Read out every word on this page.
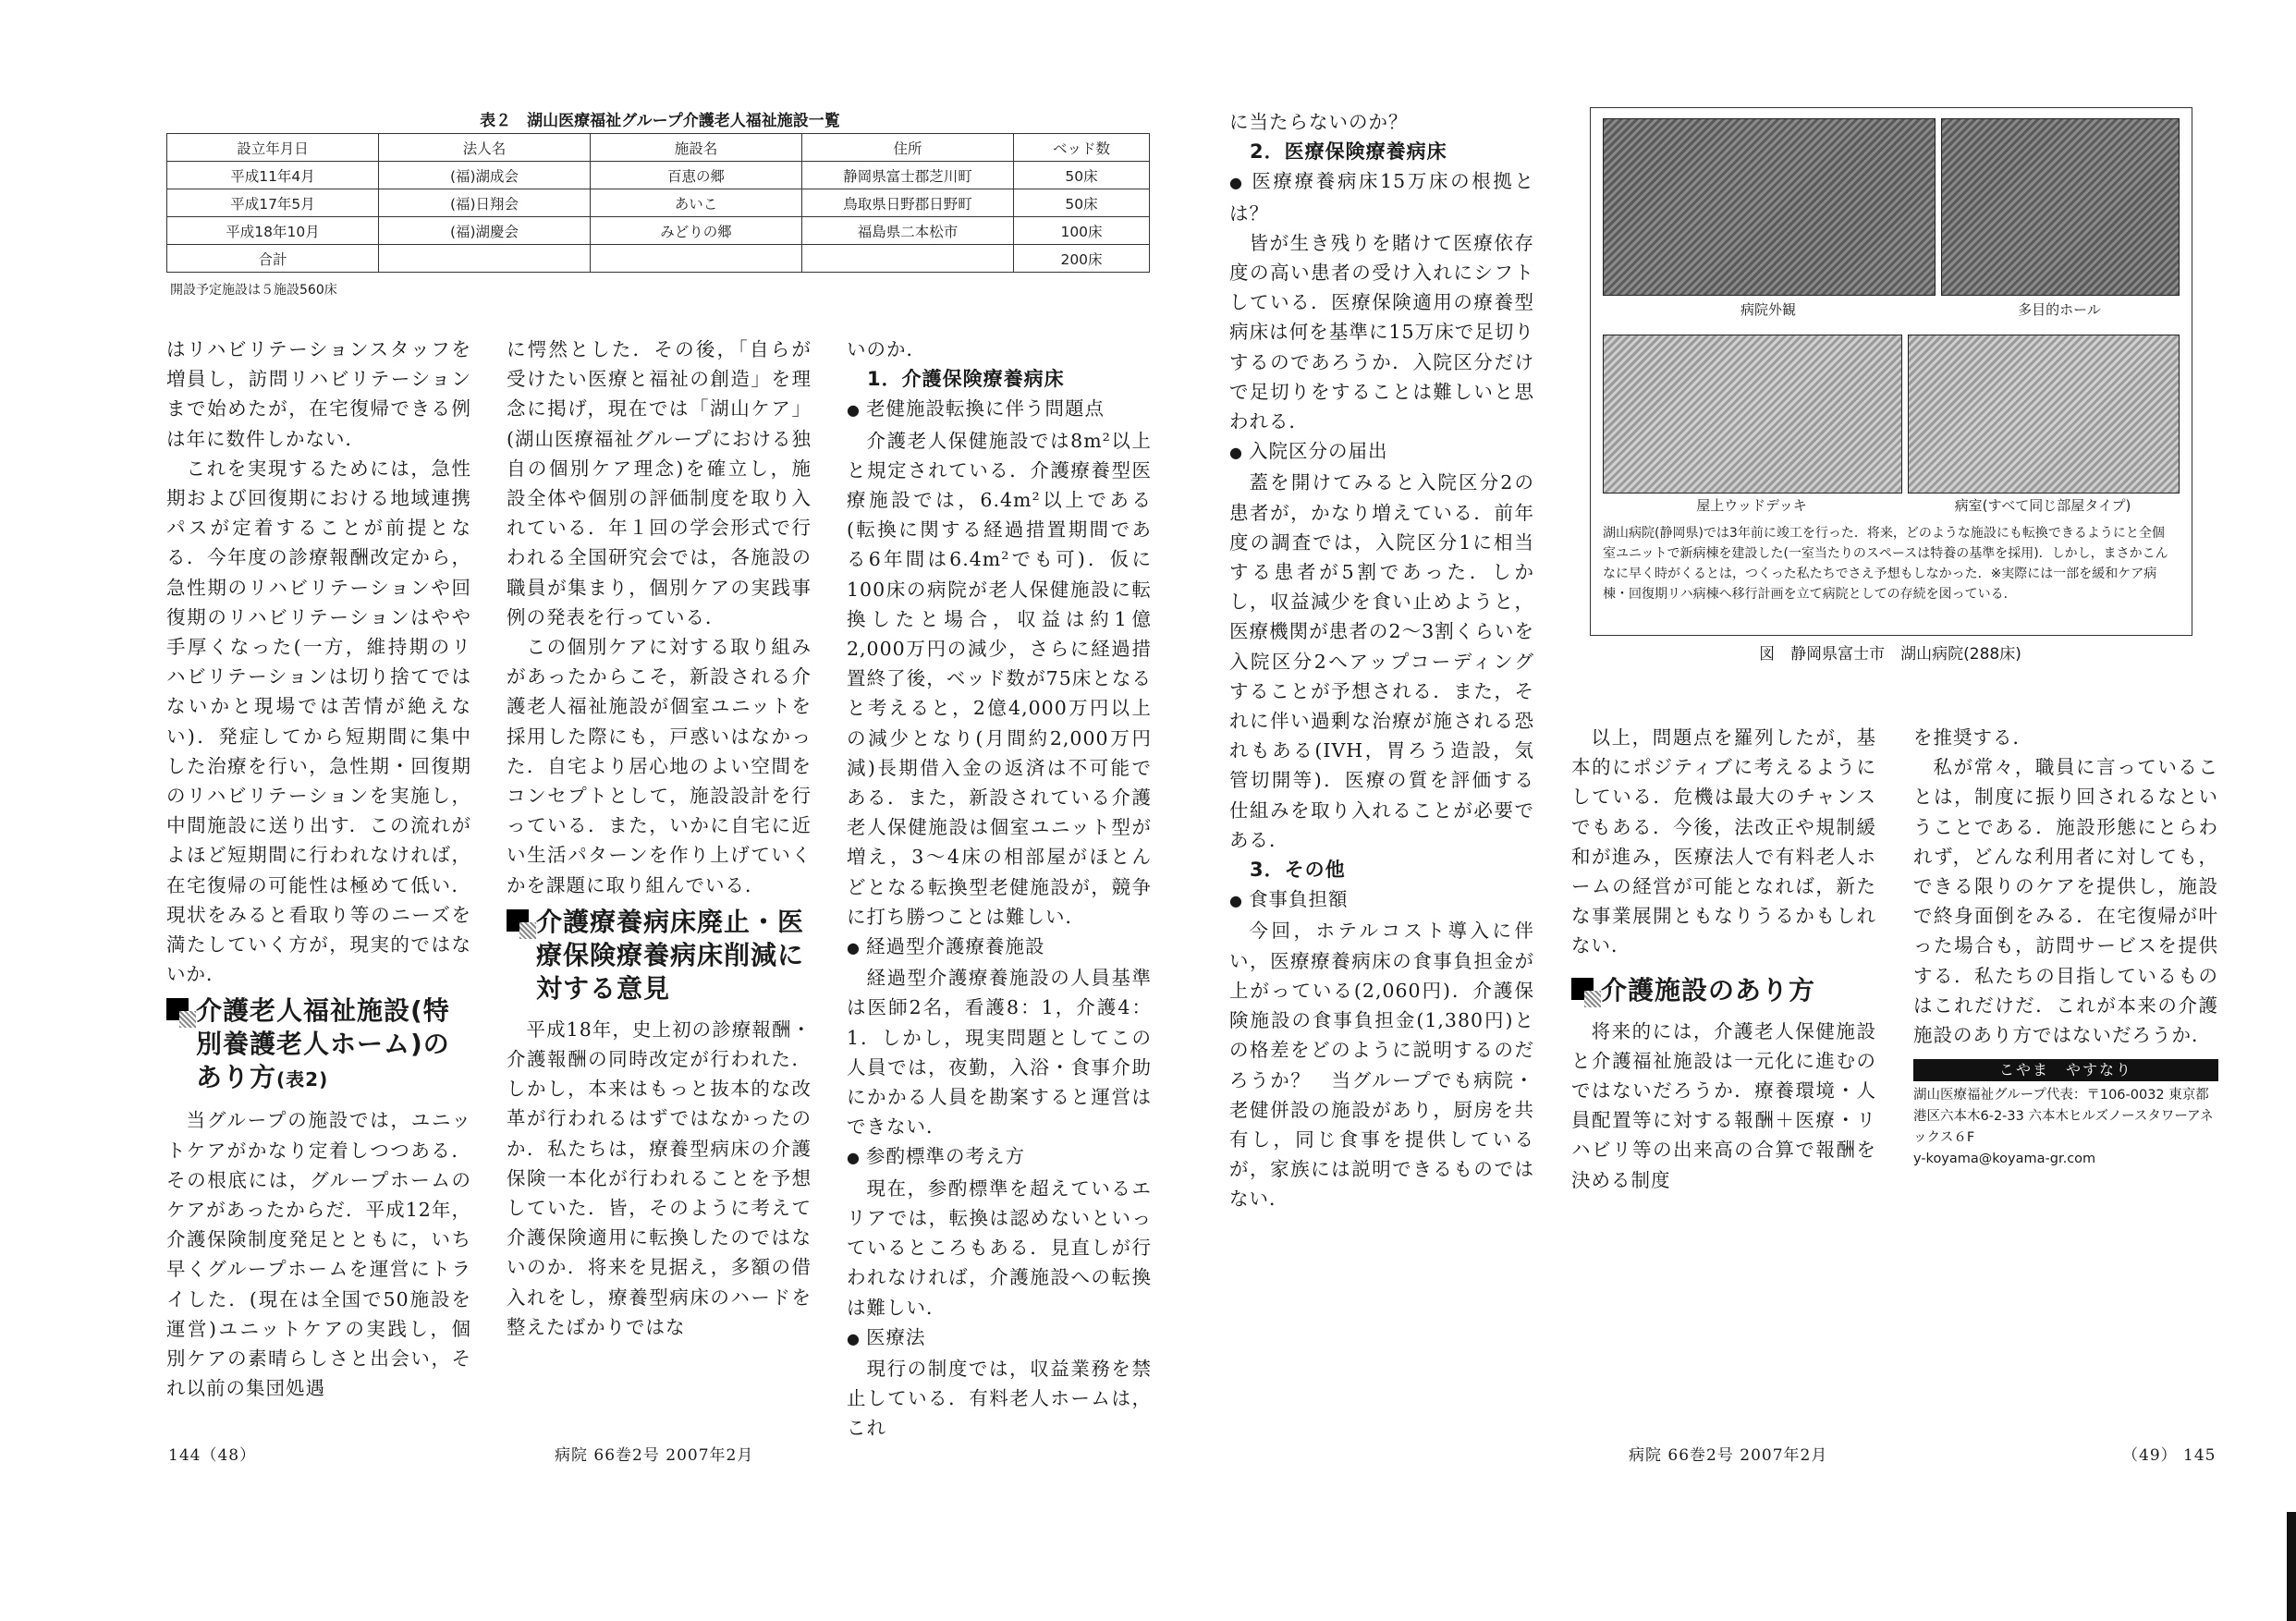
表２　湖山医療福祉グループ介護老人福祉施設一覧
設立年月日	法人名	施設名	住所	ベッド数
平成11年4月	(福)湖成会	百恵の郷	静岡県富士郡芝川町	50床
平成17年5月	(福)日翔会	あいこ	鳥取県日野郡日野町	50床
平成18年10月	(福)湖慶会	みどりの郷	福島県二本松市	100床
合計				200床
開設予定施設は５施設560床

はリハビリテーションスタッフを増員し，訪問リハビリテーションまで始めたが，在宅復帰できる例は年に数件しかない．

これを実現するためには，急性期および回復期における地域連携パスが定着することが前提となる．今年度の診療報酬改定から，急性期のリハビリテーションや回復期のリハビリテーションはやや手厚くなった(一方，維持期のリハビリテーションは切り捨てではないかと現場では苦情が絶えない)．発症してから短期間に集中した治療を行い，急性期・回復期のリハビリテーションを実施し，中間施設に送り出す．この流れがよほど短期間に行われなければ，在宅復帰の可能性は極めて低い．現状をみると看取り等のニーズを満たしていく方が，現実的ではないか．

介護老人福祉施設(特別養護老人ホーム)のあり方(表2)

当グループの施設では，ユニットケアがかなり定着しつつある．その根底には，グループホームのケアがあったからだ．平成12年，介護保険制度発足とともに，いち早くグループホームを運営にトライした．(現在は全国で50施設を運営)ユニットケアの実践し，個別ケアの素晴らしさと出会い，それ以前の集団処遇

に愕然とした．その後，「自らが受けたい医療と福祉の創造」を理念に掲げ，現在では「湖山ケア」(湖山医療福祉グループにおける独自の個別ケア理念)を確立し，施設全体や個別の評価制度を取り入れている．年１回の学会形式で行われる全国研究会では，各施設の職員が集まり，個別ケアの実践事例の発表を行っている．

この個別ケアに対する取り組みがあったからこそ，新設される介護老人福祉施設が個室ユニットを採用した際にも，戸惑いはなかった．自宅より居心地のよい空間をコンセプトとして，施設設計を行っている．また，いかに自宅に近い生活パターンを作り上げていくかを課題に取り組んでいる．

介護療養病床廃止・医療保険療養病床削減に対する意見

平成18年，史上初の診療報酬・介護報酬の同時改定が行われた．しかし，本来はもっと抜本的な改革が行われるはずではなかったのか．私たちは，療養型病床の介護保険一本化が行われることを予想していた．皆，そのように考えて介護保険適用に転換したのではないのか．将来を見据え，多額の借入れをし，療養型病床のハードを整えたばかりではな

いのか．

1．介護保険療養病床

● 老健施設転換に伴う問題点

介護老人保健施設では8m²以上と規定されている．介護療養型医療施設では，6.4m²以上である(転換に関する経過措置期間である6年間は6.4m²でも可)．仮に100床の病院が老人保健施設に転換したと場合，収益は約1億2,000万円の減少，さらに経過措置終了後，ベッド数が75床となると考えると，2億4,000万円以上の減少となり(月間約2,000万円減)長期借入金の返済は不可能である．また，新設されている介護老人保健施設は個室ユニット型が増え，3～4床の相部屋がほとんどとなる転換型老健施設が，競争に打ち勝つことは難しい．

● 経過型介護療養施設

経過型介護療養施設の人員基準は医師2名，看護8：1，介護4：1．しかし，現実問題としてこの人員では，夜勤，入浴・食事介助にかかる人員を勘案すると運営はできない．

● 参酌標準の考え方

現在，参酌標準を超えているエリアでは，転換は認めないといっているところもある．見直しが行われなければ，介護施設への転換は難しい．

● 医療法

現行の制度では，収益業務を禁止している．有料老人ホームは，これ

に当たらないのか？

2．医療保険療養病床

● 医療療養病床15万床の根拠とは？

皆が生き残りを賭けて医療依存度の高い患者の受け入れにシフトしている．医療保険適用の療養型病床は何を基準に15万床で足切りするのであろうか．入院区分だけで足切りをすることは難しいと思われる．

● 入院区分の届出

蓋を開けてみると入院区分2の患者が，かなり増えている．前年度の調査では，入院区分1に相当する患者が5割であった．しかし，収益減少を食い止めようと，医療機関が患者の2～3割くらいを入院区分2へアップコーディングすることが予想される．また，それに伴い過剰な治療が施される恐れもある(IVH，胃ろう造設，気管切開等)．医療の質を評価する仕組みを取り入れることが必要である．

3．その他

● 食事負担額

今回，ホテルコスト導入に伴い，医療療養病床の食事負担金が上がっている(2,060円)．介護保険施設の食事負担金(1,380円)との格差をどのように説明するのだろうか？　当グループでも病院・老健併設の施設があり，厨房を共有し，同じ食事を提供しているが，家族には説明できるものではない．

病院外観	多目的ホール
屋上ウッドデッキ	病室(すべて同じ部屋タイプ)
湖山病院(静岡県)では3年前に竣工を行った．将来，どのような施設にも転換できるようにと全個室ユニットで新病棟を建設した(一室当たりのスペースは特養の基準を採用)．しかし，まさかこんなに早く時がくるとは，つくった私たちでさえ予想もしなかった．※実際には一部を緩和ケア病棟・回復期リハ病棟へ移行計画を立て病院としての存続を図っている．
図　静岡県富士市　湖山病院(288床)

以上，問題点を羅列したが，基本的にポジティブに考えるようにしている．危機は最大のチャンスでもある．今後，法改正や規制緩和が進み，医療法人で有料老人ホームの経営が可能となれば，新たな事業展開ともなりうるかもしれない．

介護施設のあり方

将来的には，介護老人保健施設と介護福祉施設は一元化に進むのではないだろうか．療養環境・人員配置等に対する報酬＋医療・リハビリ等の出来高の合算で報酬を決める制度

を推奨する．

私が常々，職員に言っていることは，制度に振り回されるなということである．施設形態にとらわれず，どんな利用者に対しても，できる限りのケアを提供し，施設で終身面倒をみる．在宅復帰が叶った場合も，訪問サービスを提供する．私たちの目指しているものはこれだけだ．これが本来の介護施設のあり方ではないだろうか．

こやま　やすなり
湖山医療福祉グループ代表：〒106-0032 東京都港区六本木6-2-33 六本木ヒルズノースタワーアネックス６F
y-koyama@koyama-gr.com
144（48）	病院 66巻2号 2007年2月	病院 66巻2号 2007年2月	（49） 145
